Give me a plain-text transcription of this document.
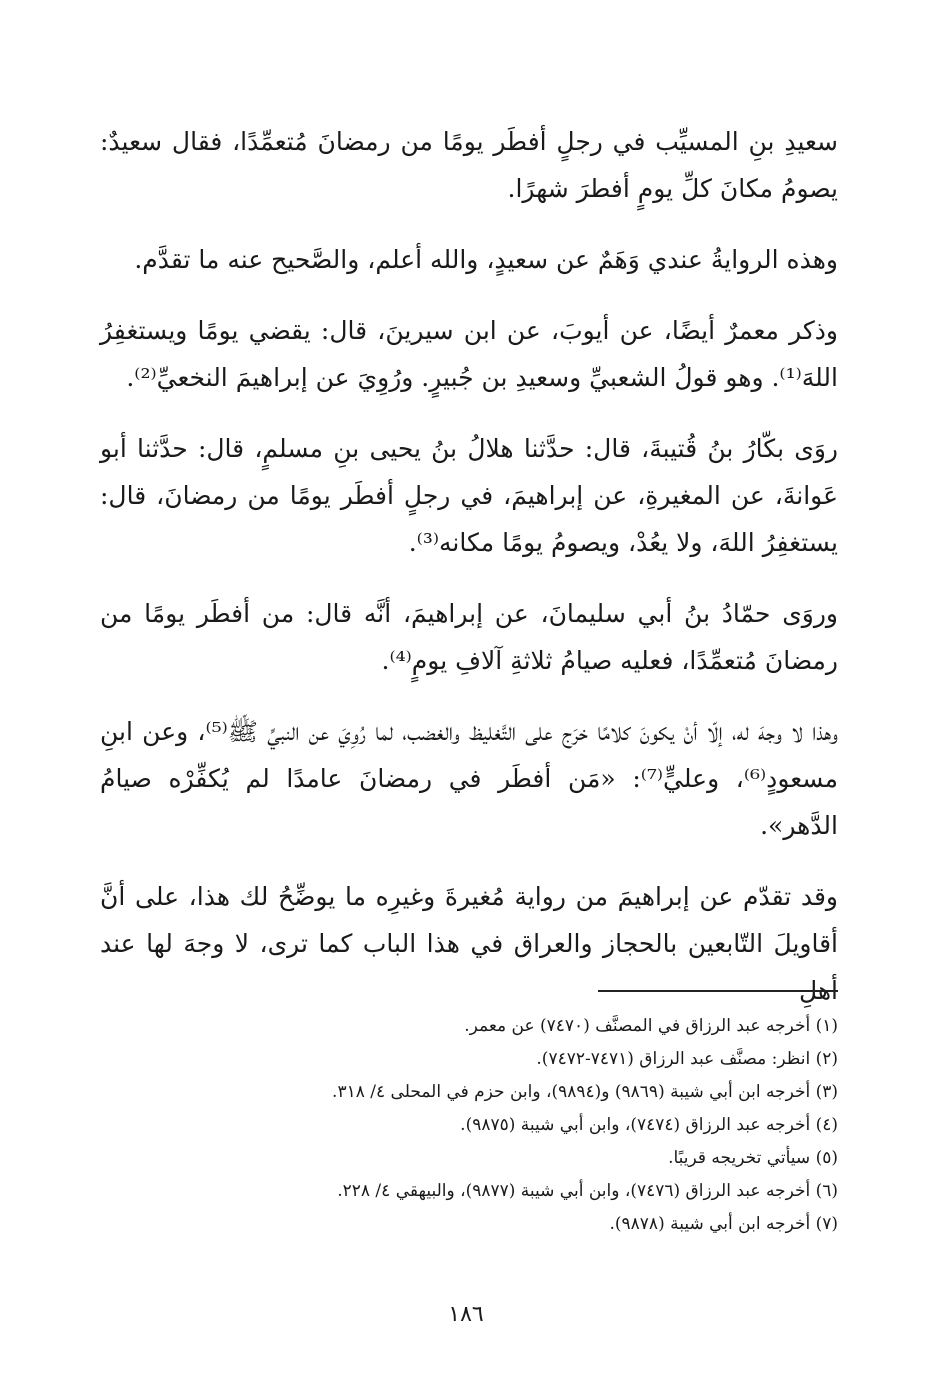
سعيدِ بنِ المسيِّب في رجلٍ أفطَر يومًا من رمضانَ مُتعمِّدًا، فقال سعيدٌ: يصومُ مكانَ كلِّ يومٍ أفطرَ شهرًا.

وهذه الروايةُ عندي وَهَمٌ عن سعيدٍ، والله أعلم، والصَّحيح عنه ما تقدَّم.

وذكر معمرٌ أيضًا، عن أيوبَ، عن ابن سيرينَ، قال: يقضي يومًا ويستغفِرُ اللهَ⁽¹⁾. وهو قولُ الشعبيِّ وسعيدِ بن جُبيرٍ. ورُوِيَ عن إبراهيمَ النخعيِّ⁽²⁾.

روَى بكّارُ بنُ قُتيبةَ، قال: حدَّثنا هلالُ بنُ يحيى بنِ مسلمٍ، قال: حدَّثنا أبو عَوانةَ، عن المغيرةِ، عن إبراهيمَ، في رجلٍ أفطَر يومًا من رمضانَ، قال: يستغفِرُ اللهَ، ولا يعُدْ، ويصومُ يومًا مكانه⁽³⁾.

وروَى حمّادُ بنُ أبي سليمانَ، عن إبراهيمَ، أنَّه قال: من أفطَر يومًا من رمضانَ مُتعمِّدًا، فعليه صيامُ ثلاثةِ آلافِ يومٍ⁽⁴⁾.

وهذا لا وجهَ له، إلّا أنْ يكونَ كلامًا خرَج على التَّغليظ والغضب، لما رُوِيَ عن النبيِّ ﷺ⁽⁵⁾، وعن ابنِ مسعودٍ⁽⁶⁾، وعليٍّ⁽⁷⁾: «مَن أفطَر في رمضانَ عامدًا لم يُكفِّرْه صيامُ الدَّهر».

وقد تقدّم عن إبراهيمَ من رواية مُغيرةَ وغيرِه ما يوضِّحُ لك هذا، على أنَّ أقاويلَ التّابعين بالحجاز والعراق في هذا الباب كما ترى، لا وجهَ لها عند أهلِ

(١) أخرجه عبد الرزاق في المصنَّف (٧٤٧٠) عن معمر.

(٢) انظر: مصنَّف عبد الرزاق (٧٤٧١-٧٤٧٢).

(٣) أخرجه ابن أبي شيبة (٩٨٦٩) و(٩٨٩٤)، وابن حزم في المحلى ٤/ ٣١٨.

(٤) أخرجه عبد الرزاق (٧٤٧٤)، وابن أبي شيبة (٩٨٧٥).

(٥) سيأتي تخريجه قريبًا.

(٦) أخرجه عبد الرزاق (٧٤٧٦)، وابن أبي شيبة (٩٨٧٧)، والبيهقي ٤/ ٢٢٨.

(٧) أخرجه ابن أبي شيبة (٩٨٧٨).

١٨٦
